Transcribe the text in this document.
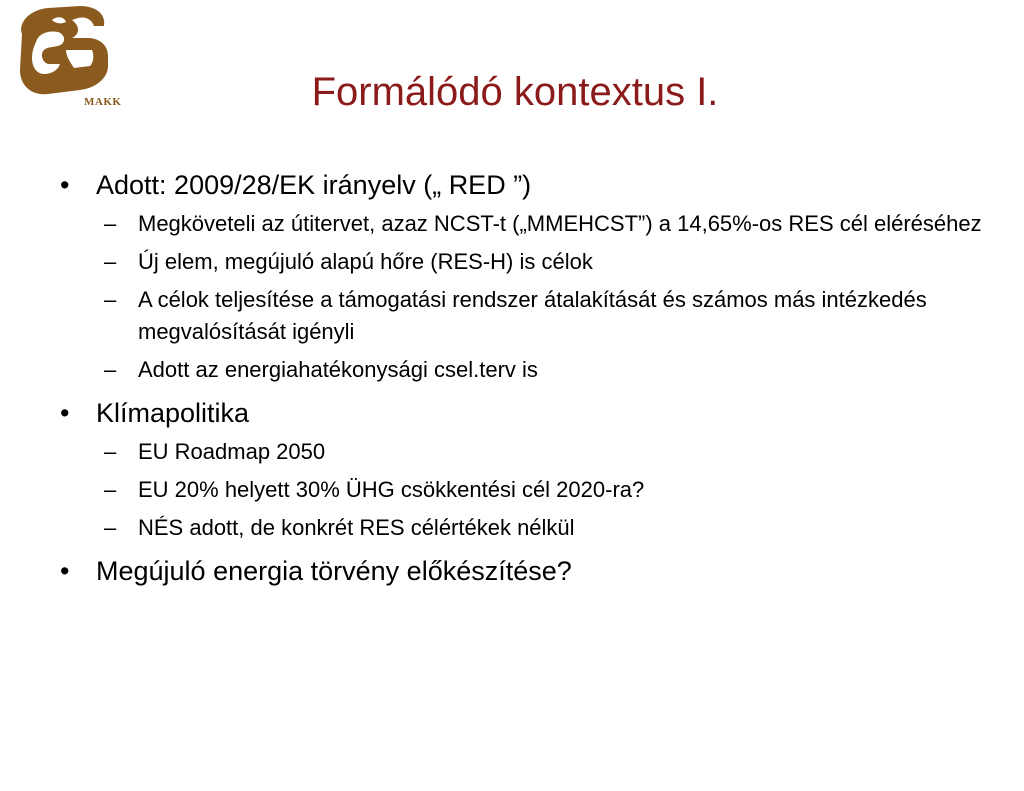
MAKK	Formálódó kontextus I.
• Adott: 2009/28/EK irányelv („ RED ”)
– Megköveteli az útitervet, azaz NCST-t („MMEHCST”) a 14,65%-os RES cél eléréséhez
– Új elem, megújuló alapú hőre (RES-H) is célok
– A célok teljesítése a támogatási rendszer átalakítását és számos más intézkedés megvalósítását igényli
– Adott az energiahatékonysági csel.terv is
• Klímapolitika
– EU Roadmap 2050
– EU 20% helyett 30% ÜHG csökkentési cél 2020-ra?
– NÉS adott, de konkrét RES célértékek nélkül
• Megújuló energia törvény előkészítése?
